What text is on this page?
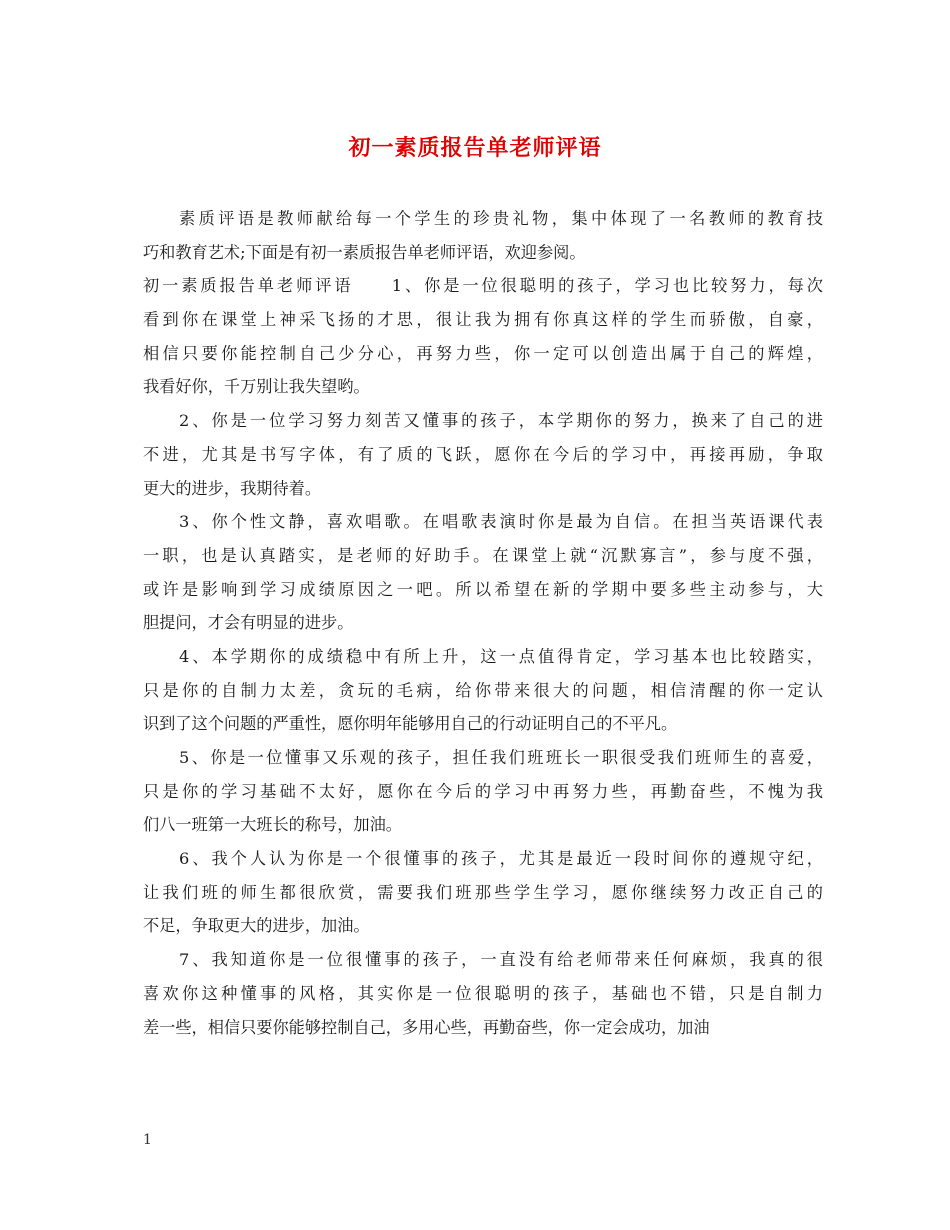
初一素质报告单老师评语
素质评语是教师献给每一个学生的珍贵礼物，集中体现了一名教师的教育技
巧和教育艺术;下面是有初一素质报告单老师评语，欢迎参阅。
初一素质报告单老师评语　　1、你是一位很聪明的孩子，学习也比较努力，每次
看到你在课堂上神采飞扬的才思，很让我为拥有你真这样的学生而骄傲，自豪，
相信只要你能控制自己少分心，再努力些，你一定可以创造出属于自己的辉煌，
我看好你，千万别让我失望哟。
2、你是一位学习努力刻苦又懂事的孩子，本学期你的努力，换来了自己的进
不进，尤其是书写字体，有了质的飞跃，愿你在今后的学习中，再接再励，争取
更大的进步，我期待着。
3、你个性文静，喜欢唱歌。在唱歌表演时你是最为自信。在担当英语课代表
一职，也是认真踏实，是老师的好助手。在课堂上就“沉默寡言”，参与度不强，
或许是影响到学习成绩原因之一吧。所以希望在新的学期中要多些主动参与，大
胆提问，才会有明显的进步。
4、本学期你的成绩稳中有所上升，这一点值得肯定，学习基本也比较踏实，
只是你的自制力太差，贪玩的毛病，给你带来很大的问题，相信清醒的你一定认
识到了这个问题的严重性，愿你明年能够用自己的行动证明自己的不平凡。
5、你是一位懂事又乐观的孩子，担任我们班班长一职很受我们班师生的喜爱，
只是你的学习基础不太好，愿你在今后的学习中再努力些，再勤奋些，不愧为我
们八一班第一大班长的称号，加油。
6、我个人认为你是一个很懂事的孩子，尤其是最近一段时间你的遵规守纪，
让我们班的师生都很欣赏，需要我们班那些学生学习，愿你继续努力改正自己的
不足，争取更大的进步，加油。
7、我知道你是一位很懂事的孩子，一直没有给老师带来任何麻烦，我真的很
喜欢你这种懂事的风格，其实你是一位很聪明的孩子，基础也不错，只是自制力
差一些，相信只要你能够控制自己，多用心些，再勤奋些，你一定会成功，加油
1
